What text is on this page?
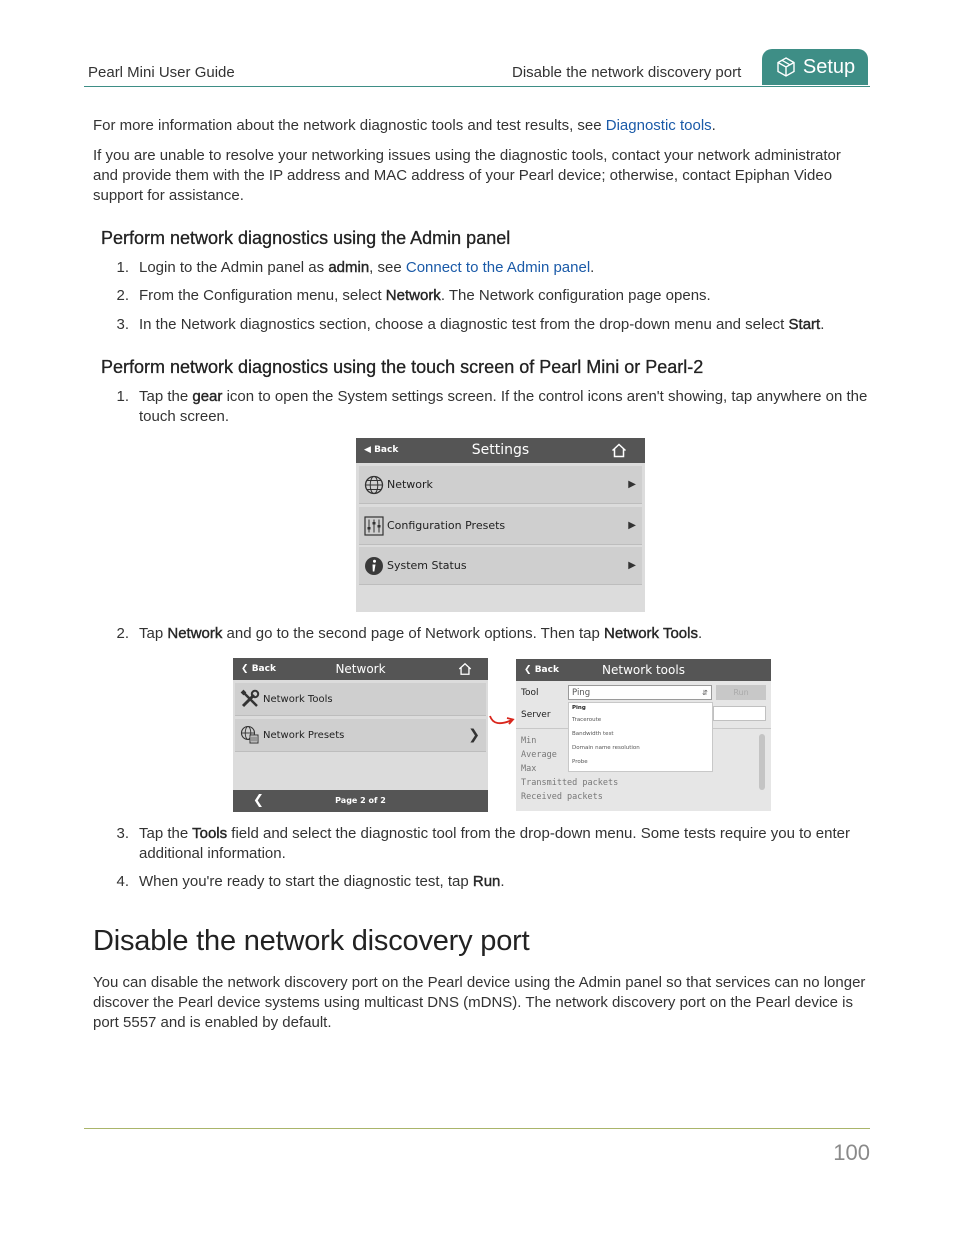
Pearl Mini User Guide	Disable the network discovery port	Setup

For more information about the network diagnostic tools and test results, see Diagnostic tools.

If you are unable to resolve your networking issues using the diagnostic tools, contact your network administrator and provide them with the IP address and MAC address of your Pearl device; otherwise, contact Epiphan Video support for assistance.

Perform network diagnostics using the Admin panel
1. Login to the Admin panel as admin, see Connect to the Admin panel.
2. From the Configuration menu, select Network. The Network configuration page opens.
3. In the Network diagnostics section, choose a diagnostic test from the drop-down menu and select Start.
Perform network diagnostics using the touch screen of Pearl Mini or Pearl-2
1. Tap the gear icon to open the System settings screen. If the control icons aren't showing, tap anywhere on the touch screen.
◀ Back	Settings
Network	▶
Configuration Presets	▶
System Status	▶
2. Tap Network and go to the second page of Network options. Then tap Network Tools.
❮ Back	Network
Network Tools
Network Presets	❯
❮	Page 2 of 2
❮ Back	Network tools
Tool	Ping	⇵	Run
Server
Ping
Traceroute
Bandwidth test
Domain name resolution
Probe
Min
Average
Max
Transmitted packets
Received packets
3. Tap the Tools field and select the diagnostic tool from the drop-down menu. Some tests require you to enter additional information.
4. When you're ready to start the diagnostic test, tap Run.
Disable the network discovery port

You can disable the network discovery port on the Pearl device using the Admin panel so that services can no longer discover the Pearl device systems using multicast DNS (mDNS). The network discovery port on the Pearl device is port 5557 and is enabled by default.

100
